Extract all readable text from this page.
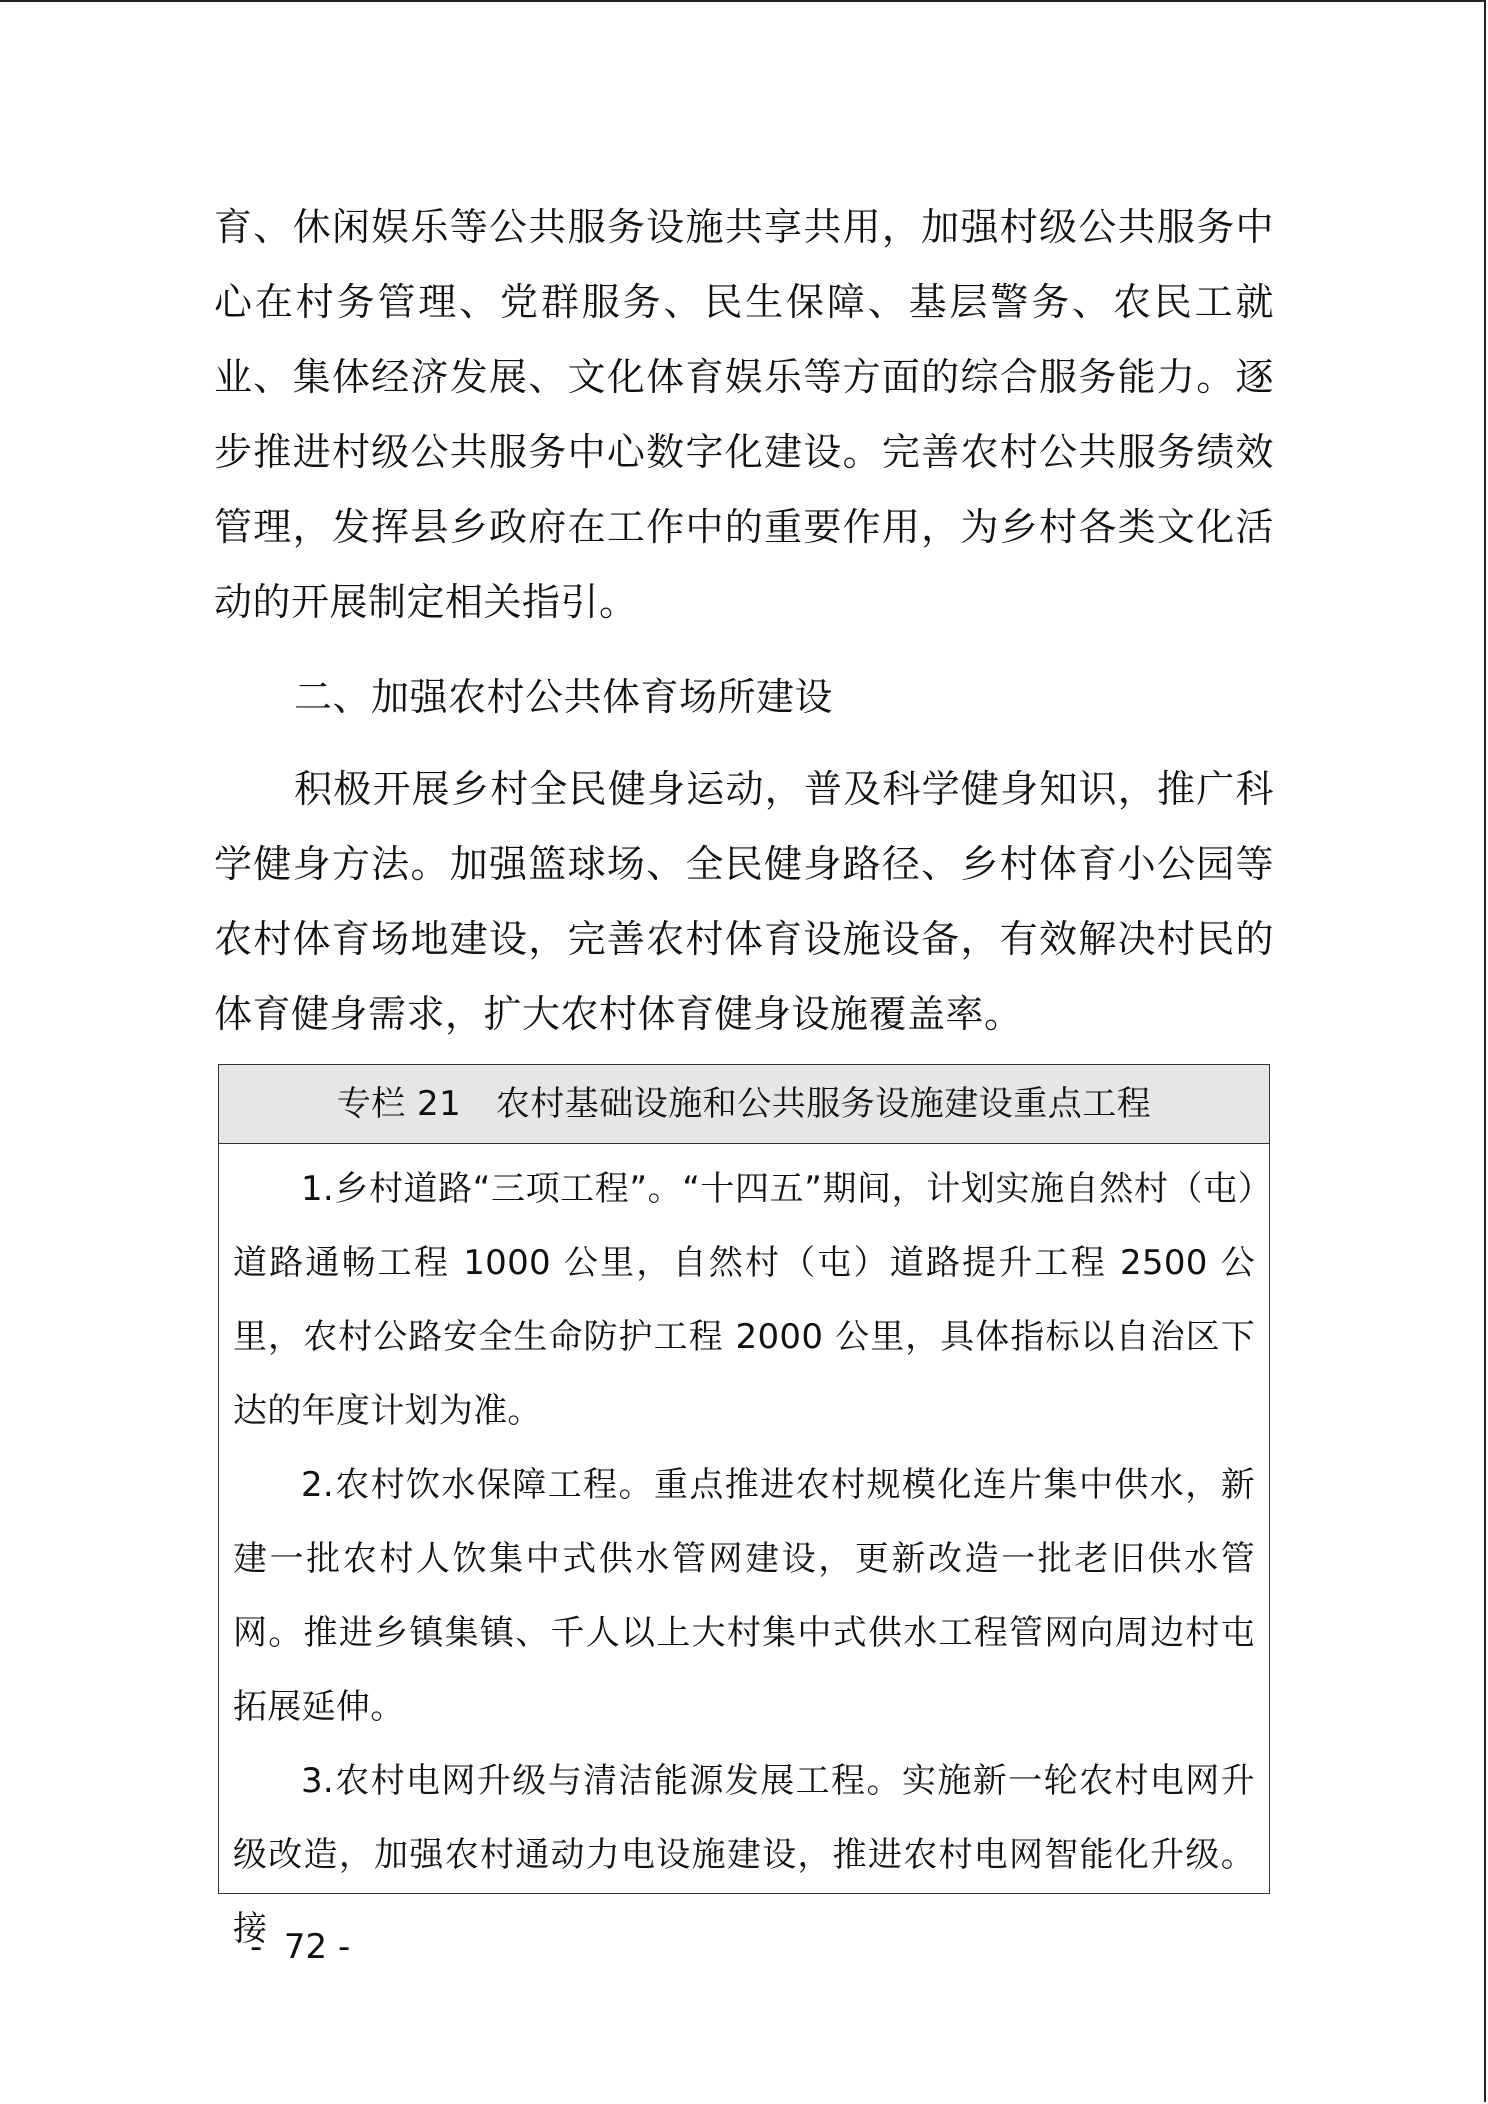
育、休闲娱乐等公共服务设施共享共用，加强村级公共服务中心在村务管理、党群服务、民生保障、基层警务、农民工就业、集体经济发展、文化体育娱乐等方面的综合服务能力。逐步推进村级公共服务中心数字化建设。完善农村公共服务绩效管理，发挥县乡政府在工作中的重要作用，为乡村各类文化活动的开展制定相关指引。

二、加强农村公共体育场所建设

积极开展乡村全民健身运动，普及科学健身知识，推广科学健身方法。加强篮球场、全民健身路径、乡村体育小公园等农村体育场地建设，完善农村体育设施设备，有效解决村民的体育健身需求，扩大农村体育健身设施覆盖率。

专栏 21　农村基础设施和公共服务设施建设重点工程

1.乡村道路“三项工程”。“十四五”期间，计划实施自然村（屯）道路通畅工程 1000 公里，自然村（屯）道路提升工程 2500 公里，农村公路安全生命防护工程 2000 公里，具体指标以自治区下达的年度计划为准。

2.农村饮水保障工程。重点推进农村规模化连片集中供水，新建一批农村人饮集中式供水管网建设，更新改造一批老旧供水管网。推进乡镇集镇、千人以上大村集中式供水工程管网向周边村屯拓展延伸。

3.农村电网升级与清洁能源发展工程。实施新一轮农村电网升级改造，加强农村通动力电设施建设，推进农村电网智能化升级。接

-  72 -
